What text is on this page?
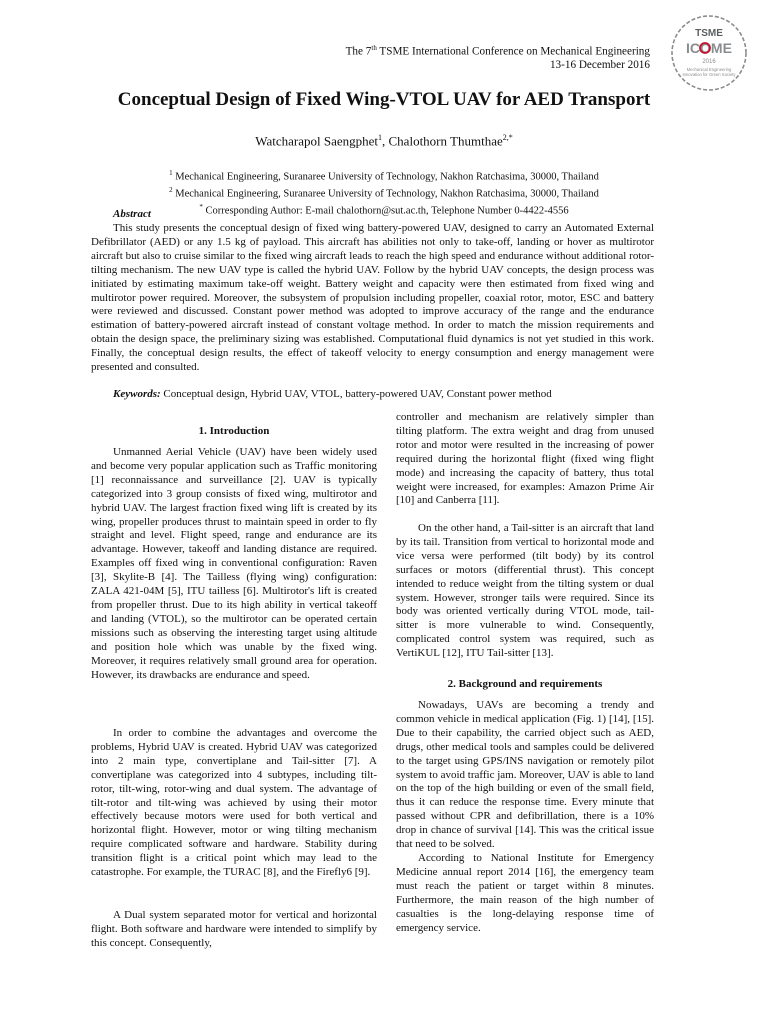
The 7th TSME International Conference on Mechanical Engineering
13-16 December 2016
TSME
ICOME
2016
Mechanical Engineering
Innovation for Green Society
Conceptual Design of Fixed Wing-VTOL UAV for AED Transport
Watcharapol Saengphet$^1$, Chalothorn Thumthae$^{2,*}$
$^1$ Mechanical Engineering, Suranaree University of Technology, Nakhon Ratchasima, 30000, Thailand
$^2$ Mechanical Engineering, Suranaree University of Technology, Nakhon Ratchasima, 30000, Thailand
* Corresponding Author: E-mail chalothorn@sut.ac.th, Telephone Number 0-4422-4556
Abstract

This study presents the conceptual design of fixed wing battery-powered UAV, designed to carry an Automated External Defibrillator (AED) or any 1.5 kg of payload. This aircraft has abilities not only to take-off, landing or hover as multirotor aircraft but also to cruise similar to the fixed wing aircraft leads to reach the high speed and endurance without additional rotor-tilting mechanism. The new UAV type is called the hybrid UAV. Follow by the hybrid UAV concepts, the design process was initiated by estimating maximum take-off weight. Battery weight and capacity were then estimated from fixed wing and multirotor power required. Moreover, the subsystem of propulsion including propeller, coaxial rotor, motor, ESC and battery were reviewed and discussed. Constant power method was adopted to improve accuracy of the range and the endurance estimation of battery-powered aircraft instead of constant voltage method. In order to match the mission requirements and obtain the design space, the preliminary sizing was established. Computational fluid dynamics is not yet studied in this work. Finally, the conceptual design results, the effect of takeoff velocity to energy consumption and energy management were presented and consulted.

Keywords: Conceptual design, Hybrid UAV, VTOL, battery-powered UAV, Constant power method
1. Introduction

Unmanned Aerial Vehicle (UAV) have been widely used and become very popular application such as Traffic monitoring [1] reconnaissance and surveillance [2]. UAV is typically categorized into 3 group consists of fixed wing, multirotor and hybrid UAV. The largest fraction fixed wing lift is created by its wing, propeller produces thrust to maintain speed in order to fly straight and level. Flight speed, range and endurance are its advantage. However, takeoff and landing distance are required. Examples off fixed wing in conventional configuration: Raven [3], Skylite-B [4]. The Tailless (flying wing) configuration: ZALA 421-04M [5], ITU tailless [6]. Multirotor's lift is created from propeller thrust. Due to its high ability in vertical takeoff and landing (VTOL), so the multirotor can be operated certain missions such as observing the interesting target using altitude and position hole which was unable by the fixed wing. Moreover, it requires relatively small ground area for operation. However, its drawbacks are endurance and speed.

In order to combine the advantages and overcome the problems, Hybrid UAV is created. Hybrid UAV was categorized into 2 main type, convertiplane and Tail-sitter [7]. A convertiplane was categorized into 4 subtypes, including tilt-rotor, tilt-wing, rotor-wing and dual system. The advantage of tilt-rotor and tilt-wing was achieved by using their motor effectively because motors were used for both vertical and horizontal flight. However, motor or wing tilting mechanism require complicated software and hardware. Stability during transition flight is a critical point which may lead to the catastrophe. For example, the TURAC [8], and the Firefly6 [9].

A Dual system separated motor for vertical and horizontal flight. Both software and hardware were intended to simplify by this concept. Consequently,

controller and mechanism are relatively simpler than tilting platform. The extra weight and drag from unused rotor and motor were resulted in the increasing of power required during the horizontal flight (fixed wing flight mode) and increasing the capacity of battery, thus total weight were increased, for examples: Amazon Prime Air [10] and Canberra [11].

On the other hand, a Tail-sitter is an aircraft that land by its tail. Transition from vertical to horizontal mode and vice versa were performed (tilt body) by its control surfaces or motors (differential thrust). This concept intended to reduce weight from the tilting system or dual system. However, stronger tails were required. Since its body was oriented vertically during VTOL mode, tail-sitter is more vulnerable to wind. Consequently, complicated control system was required, such as VertiKUL [12], ITU Tail-sitter [13].

2. Background and requirements

Nowadays, UAVs are becoming a trendy and common vehicle in medical application (Fig. 1) [14], [15]. Due to their capability, the carried object such as AED, drugs, other medical tools and samples could be delivered to the target using GPS/INS navigation or remotely pilot system to avoid traffic jam. Moreover, UAV is able to land on the top of the high building or even of the small field, thus it can reduce the response time. Every minute that passed without CPR and defibrillation, there is a 10% drop in chance of survival [14]. This was the critical issue that need to be solved.

According to National Institute for Emergency Medicine annual report 2014 [16], the emergency team must reach the patient or target within 8 minutes. Furthermore, the main reason of the high number of casualties is the long-delaying response time of emergency service.
